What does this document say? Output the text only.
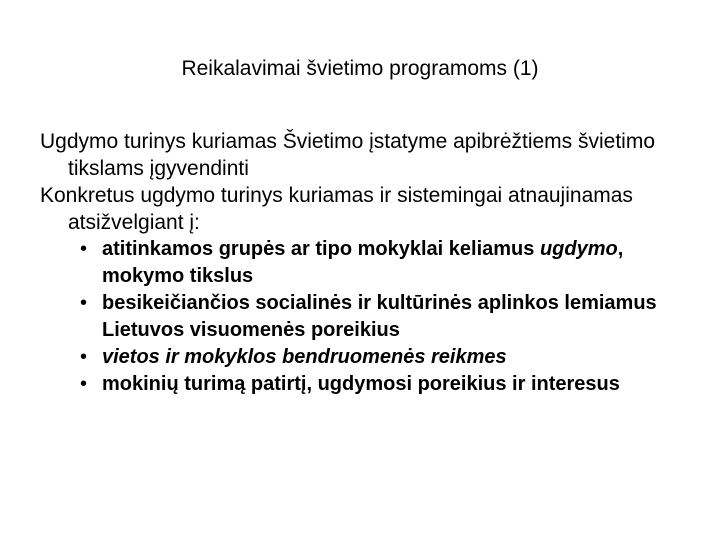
Reikalavimai švietimo programoms (1)
Ugdymo turinys kuriamas Švietimo įstatyme apibrėžtiems švietimo tikslams įgyvendinti
Konkretus ugdymo turinys kuriamas ir sistemingai atnaujinamas atsižvelgiant į:
• atitinkamos grupės ar tipo mokyklai keliamus ugdymo, mokymo tikslus
• besikeičiančios socialinės ir kultūrinės aplinkos lemiamus Lietuvos visuomenės poreikius
• vietos ir mokyklos bendruomenės reikmes
• mokinių turimą patirtį, ugdymosi poreikius ir interesus
